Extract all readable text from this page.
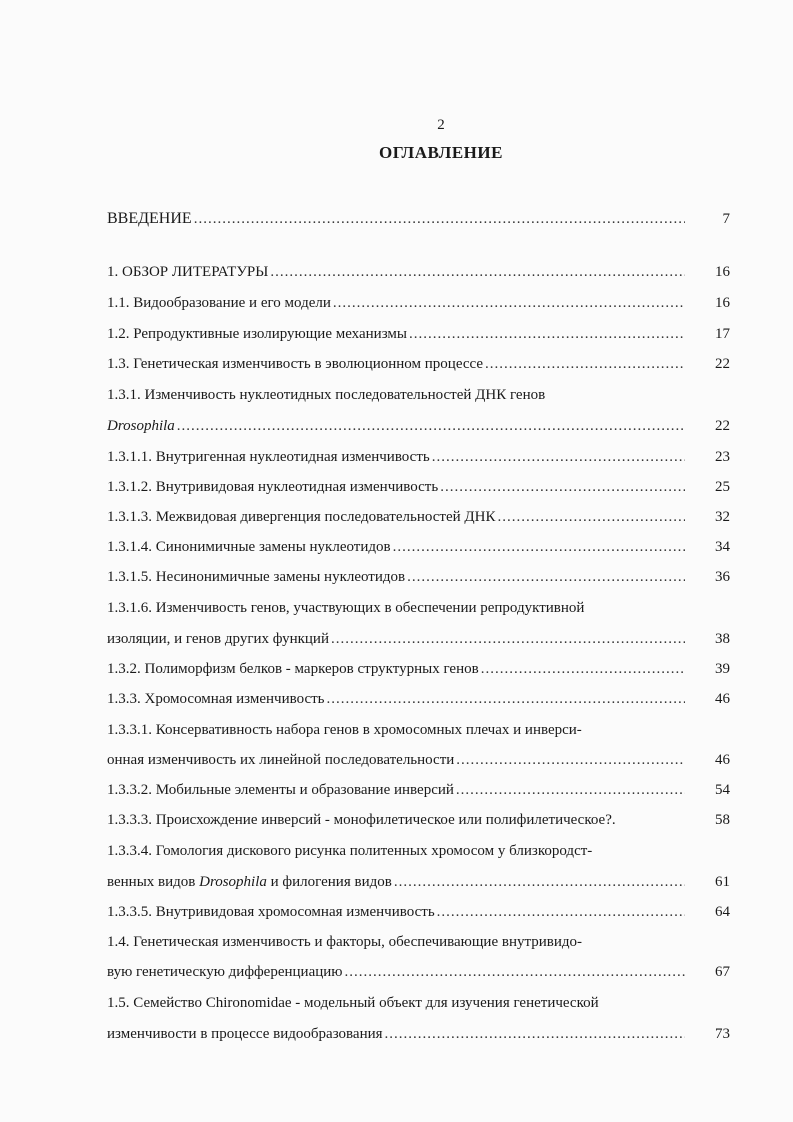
2
ОГЛАВЛЕНИЕ
ВВЕДЕНИЕ .....	7
1. ОБЗОР ЛИТЕРАТУРЫ .....	16
1.1. Видообразование и его модели .....	16
1.2. Репродуктивные изолирующие механизмы .....	17
1.3. Генетическая изменчивость в эволюционном процессе .....	22
1.3.1. Изменчивость нуклеотидных последовательностей ДНК генов
Drosophila .....	22
1.3.1.1. Внутригенная нуклеотидная изменчивость .....	23
1.3.1.2. Внутривидовая нуклеотидная изменчивость .....	25
1.3.1.3. Межвидовая дивергенция последовательностей ДНК .....	32
1.3.1.4. Синонимичные замены нуклеотидов .....	34
1.3.1.5. Несинонимичные замены нуклеотидов .....	36
1.3.1.6. Изменчивость генов, участвующих в обеспечении репродуктивной
изоляции, и генов других функций .....	38
1.3.2. Полиморфизм белков - маркеров структурных генов .....	39
1.3.3. Хромосомная изменчивость .....	46
1.3.3.1. Консервативность набора генов в хромосомных плечах и инверси-
онная изменчивость их линейной последовательности .....	46
1.3.3.2. Мобильные элементы и образование инверсий .....	54
1.3.3.3. Происхождение инверсий - монофилетическое или полифилетическое?.	58
1.3.3.4. Гомология дискового рисунка политенных хромосом у близкородст-
венных видов Drosophila и филогения видов .....	61
1.3.3.5. Внутривидовая хромосомная изменчивость .....	64
1.4. Генетическая изменчивость и факторы, обеспечивающие внутривидо-
вую генетическую дифференциацию .....	67
1.5. Семейство Chironomidae - модельный объект для изучения генетической
изменчивости в процессе видообразования .....	73
